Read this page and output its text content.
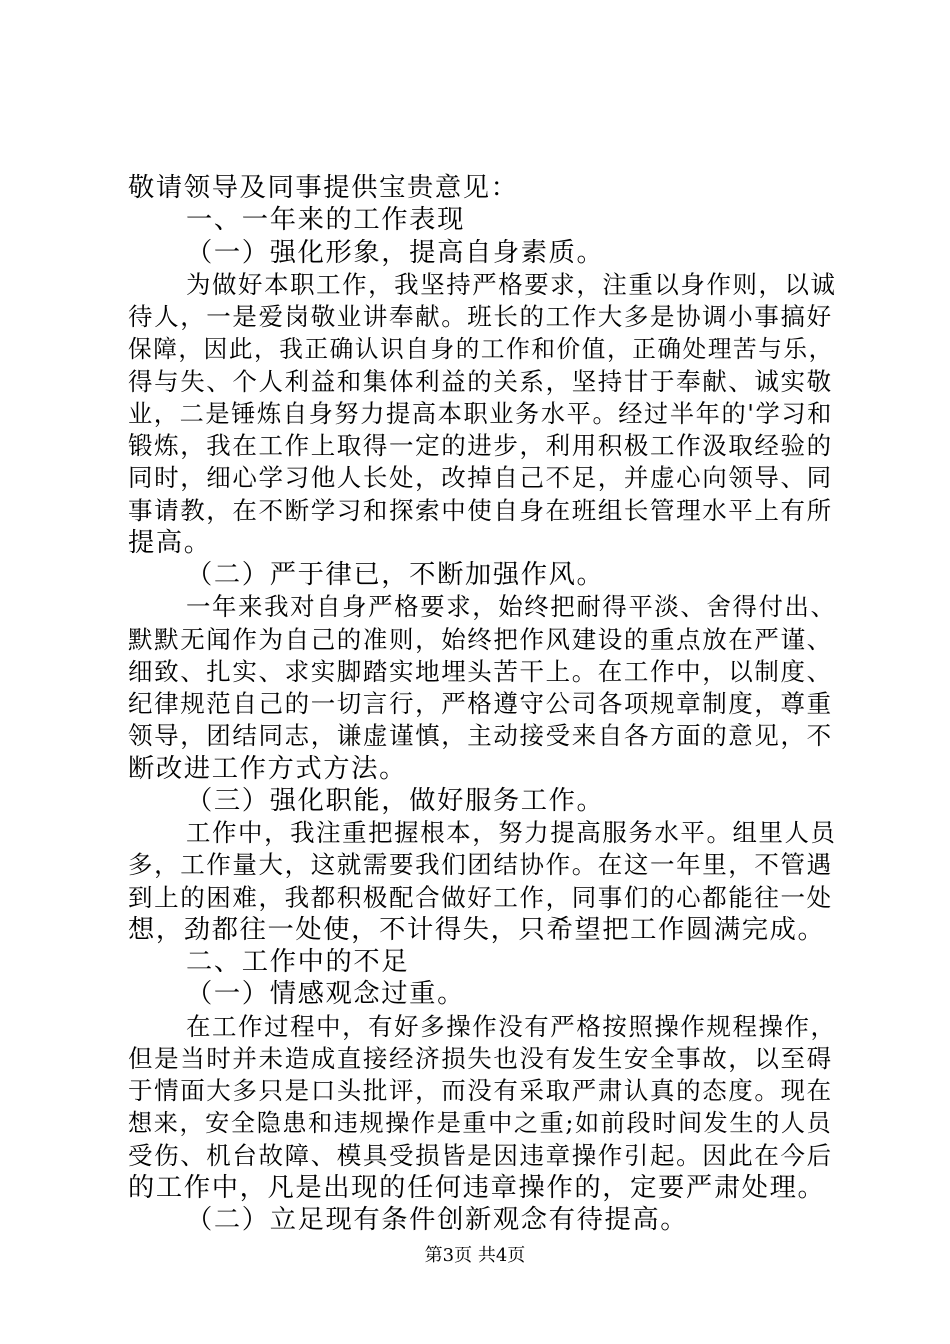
敬请领导及同事提供宝贵意见：
一、一年来的工作表现
（一）强化形象，提高自身素质。
为做好本职工作，我坚持严格要求，注重以身作则，以诚
待人，一是爱岗敬业讲奉献。班长的工作大多是协调小事搞好
保障，因此，我正确认识自身的工作和价值，正确处理苦与乐，
得与失、个人利益和集体利益的关系，坚持甘于奉献、诚实敬
业，二是锤炼自身努力提高本职业务水平。经过半年的'学习和
锻炼，我在工作上取得一定的进步，利用积极工作汲取经验的
同时，细心学习他人长处，改掉自己不足，并虚心向领导、同
事请教，在不断学习和探索中使自身在班组长管理水平上有所
提高。
（二）严于律已，不断加强作风。
一年来我对自身严格要求，始终把耐得平淡、舍得付出、
默默无闻作为自己的准则，始终把作风建设的重点放在严谨、
细致、扎实、求实脚踏实地埋头苦干上。在工作中，以制度、
纪律规范自己的一切言行，严格遵守公司各项规章制度，尊重
领导，团结同志，谦虚谨慎，主动接受来自各方面的意见，不
断改进工作方式方法。
（三）强化职能，做好服务工作。
工作中，我注重把握根本，努力提高服务水平。组里人员
多，工作量大，这就需要我们团结协作。在这一年里，不管遇
到上的困难，我都积极配合做好工作，同事们的心都能往一处
想，劲都往一处使，不计得失，只希望把工作圆满完成。
二、工作中的不足
（一）情感观念过重。
在工作过程中，有好多操作没有严格按照操作规程操作，
但是当时并未造成直接经济损失也没有发生安全事故，以至碍
于情面大多只是口头批评，而没有采取严肃认真的态度。现在
想来，安全隐患和违规操作是重中之重;如前段时间发生的人员
受伤、机台故障、模具受损皆是因违章操作引起。因此在今后
的工作中，凡是出现的任何违章操作的，定要严肃处理。
（二）立足现有条件创新观念有待提高。
第3页 共4页
